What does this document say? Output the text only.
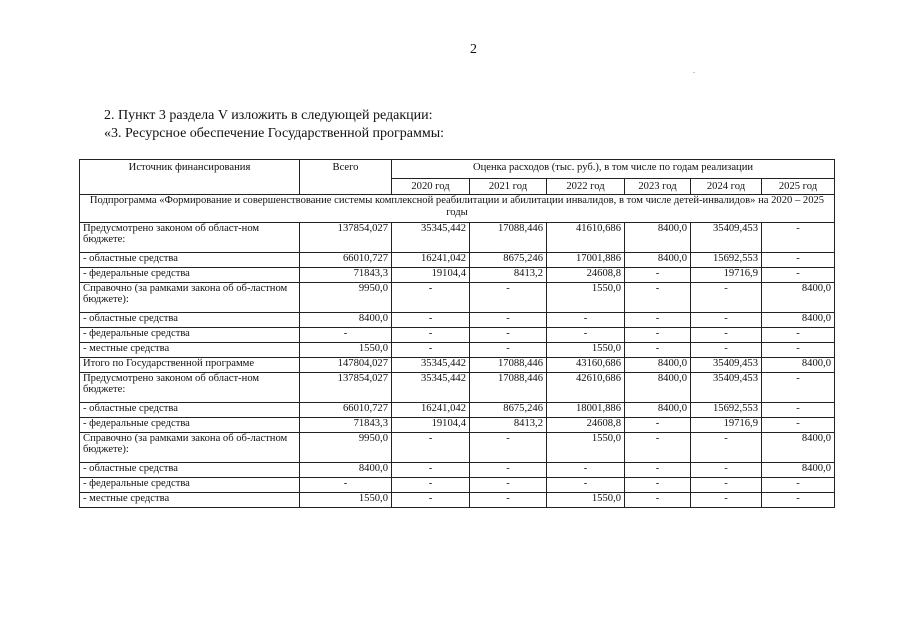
2
.
2. Пункт 3 раздела V изложить в следующей редакции:
«3. Ресурсное обеспечение Государственной программы:
Источник финансирования	Всего	Оценка расходов (тыс. руб.), в том числе по годам реализации					
		2020 год	2021 год	2022 год	2023 год	2024 год	2025 год
Подпрограмма «Формирование и совершенствование системы комплексной реабилитации и абилитации инвалидов, в том числе детей-инвалидов» на 2020 – 2025 годы							
Предусмотрено законом об област-ном бюджете:	137854,027	35345,442	17088,446	41610,686	8400,0	35409,453	-
- областные средства	66010,727	16241,042	8675,246	17001,886	8400,0	15692,553	-
- федеральные средства	71843,3	19104,4	8413,2	24608,8	-	19716,9	-
Справочно (за рамками закона об об-ластном бюджете):	9950,0	-	-	1550,0	-	-	8400,0
- областные средства	8400,0	-	-	-	-	-	8400,0
- федеральные средства	-	-	-	-	-	-	-
- местные средства	1550,0	-	-	1550,0	-	-	-
Итого по Государственной программе	147804,027	35345,442	17088,446	43160,686	8400,0	35409,453	8400,0
Предусмотрено законом об област-ном бюджете:	137854,027	35345,442	17088,446	42610,686	8400,0	35409,453	-
- областные средства	66010,727	16241,042	8675,246	18001,886	8400,0	15692,553	-
- федеральные средства	71843,3	19104,4	8413,2	24608,8	-	19716,9	-
Справочно (за рамками закона об об-ластном бюджете):	9950,0	-	-	1550,0	-	-	8400,0
- областные средства	8400,0	-	-	-	-	-	8400,0
- федеральные средства	-	-	-	-	-	-	-
- местные средства	1550,0	-	-	1550,0	-	-	-
